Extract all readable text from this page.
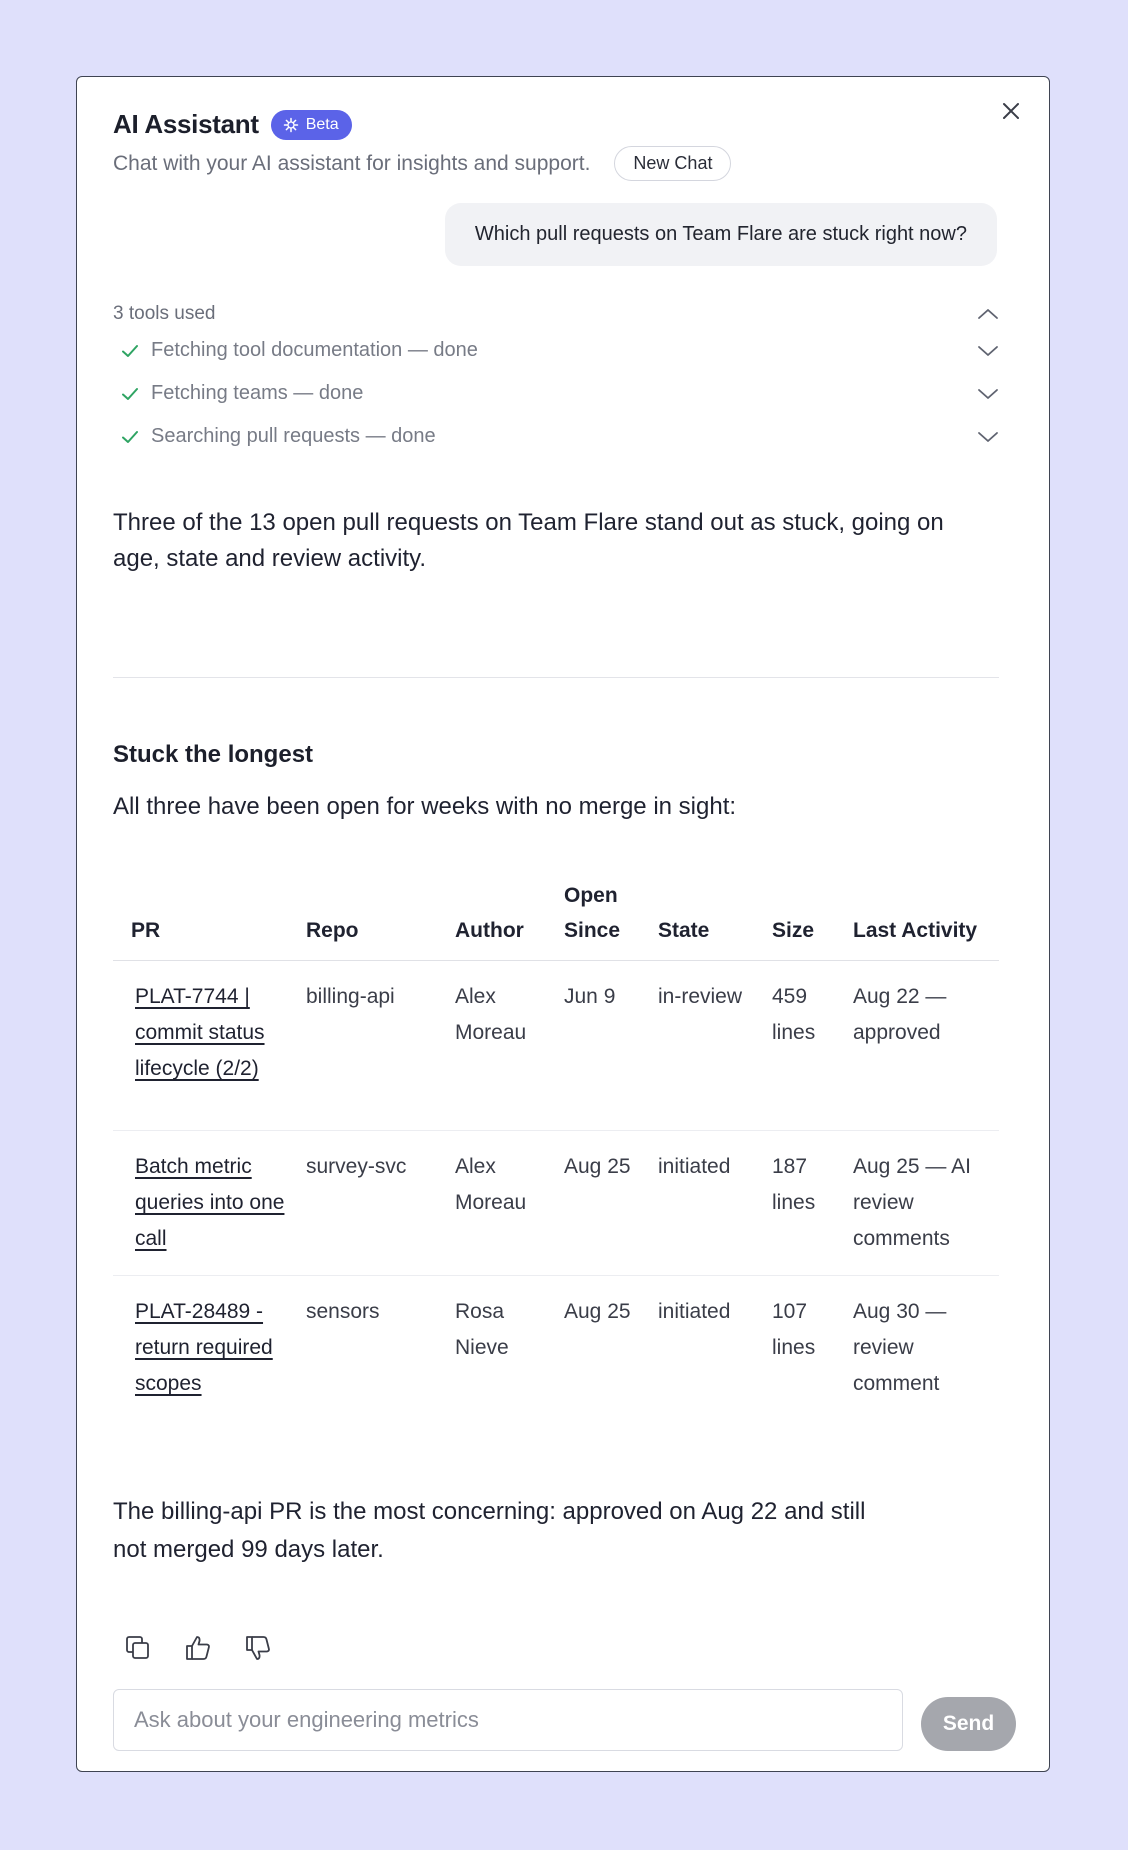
AI Assistant	Beta
Chat with your AI assistant for insights and support.	New Chat
Which pull requests on Team Flare are stuck right now?
3 tools used
Fetching tool documentation — done
Fetching teams — done
Searching pull requests — done
Three of the 13 open pull requests on Team Flare stand out as stuck, going on age, state and review activity.
Stuck the longest
All three have been open for weeks with no merge in sight:
PR	Repo	Author	Open Since	State	Size	Last Activity
PLAT-7744 | commit status lifecycle (2/2)	billing-api	Alex Moreau	Jun 9	in-review	459 lines	Aug 22 — approved
Batch metric queries into one call	survey-svc	Alex Moreau	Aug 25	initiated	187 lines	Aug 25 — AI review comments
PLAT-28489 - return required scopes	sensors	Rosa Nieve	Aug 25	initiated	107 lines	Aug 30 — review comment
The billing-api PR is the most concerning: approved on Aug 22 and still not merged 99 days later.
Ask about your engineering metrics
Send
